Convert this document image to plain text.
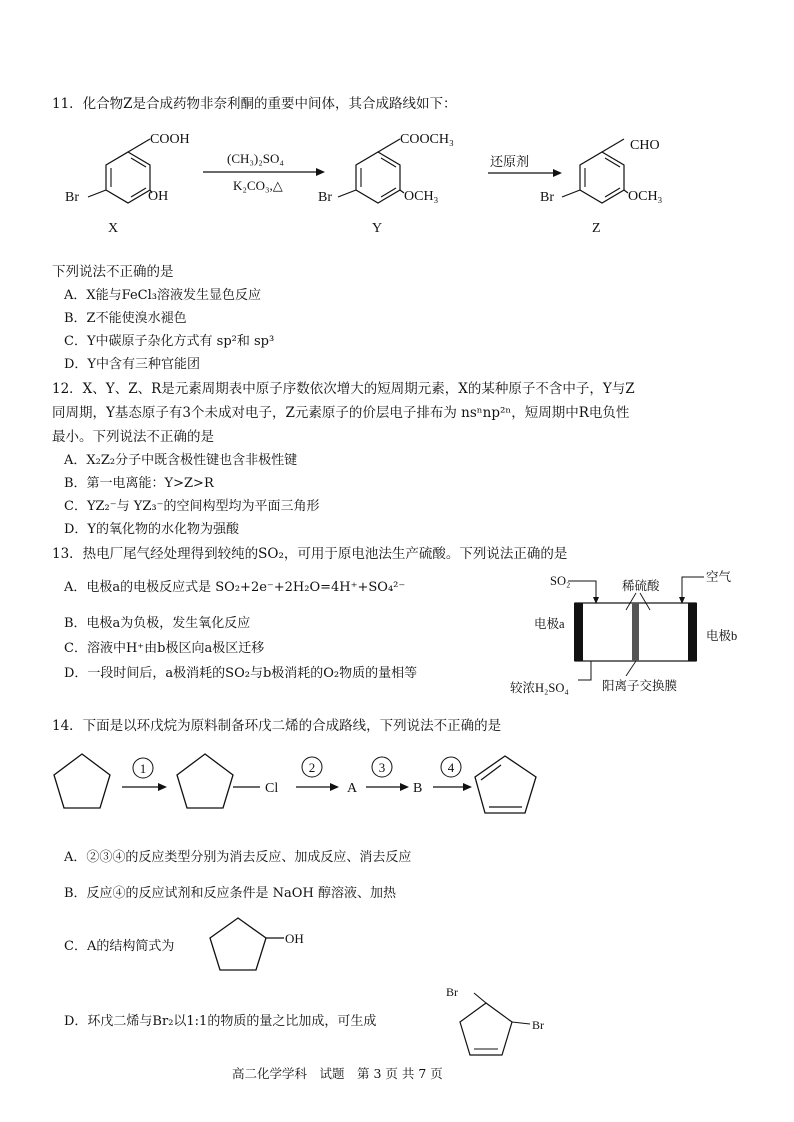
11．化合物Z是合成药物非奈利酮的重要中间体，其合成路线如下：
COOH
OH
Br
X
(CH₃)₂SO₄
K₂CO₃,△
COOCH₃
OCH₃
Br
Y
还原剂
CHO
OCH₃
Br
Z
下列说法不正确的是
A．X能与FeCl₃溶液发生显色反应
B．Z不能使溴水褪色
C．Y中碳原子杂化方式有 sp²和 sp³
D．Y中含有三种官能团
12．X、Y、Z、R是元素周期表中原子序数依次增大的短周期元素，X的某种原子不含中子，Y与Z
同周期，Y基态原子有3个未成对电子，Z元素原子的价层电子排布为 nsⁿnp²ⁿ，短周期中R电负性
最小。下列说法不正确的是
A．X₂Z₂分子中既含极性键也含非极性键
B．第一电离能：Y>Z>R
C．YZ₂⁻与 YZ₃⁻的空间构型均为平面三角形
D．Y的氧化物的水化物为强酸
13．热电厂尾气经处理得到较纯的SO₂，可用于原电池法生产硫酸。下列说法正确的是
A．电极a的电极反应式是 SO₂+2e⁻+2H₂O=4H⁺+SO₄²⁻
B．电极a为负极，发生氧化反应
C．溶液中H⁺由b极区向a极区迁移
D．一段时间后，a极消耗的SO₂与b极消耗的O₂物质的量相等
SO₂	稀硫酸
空气
电极a
电极b
较浓H₂SO₄	阳离子交换膜
14．下面是以环戊烷为原料制备环戊二烯的合成路线，下列说法不正确的是
1
Cl
2
A
3
B
4
A．②③④的反应类型分别为消去反应、加成反应、消去反应
B．反应④的反应试剂和反应条件是 NaOH 醇溶液、加热
C．A的结构简式为
OH
D．环戊二烯与Br₂以1:1的物质的量之比加成，可生成
Br
Br
高二化学学科　试题　第 3 页 共 7 页
